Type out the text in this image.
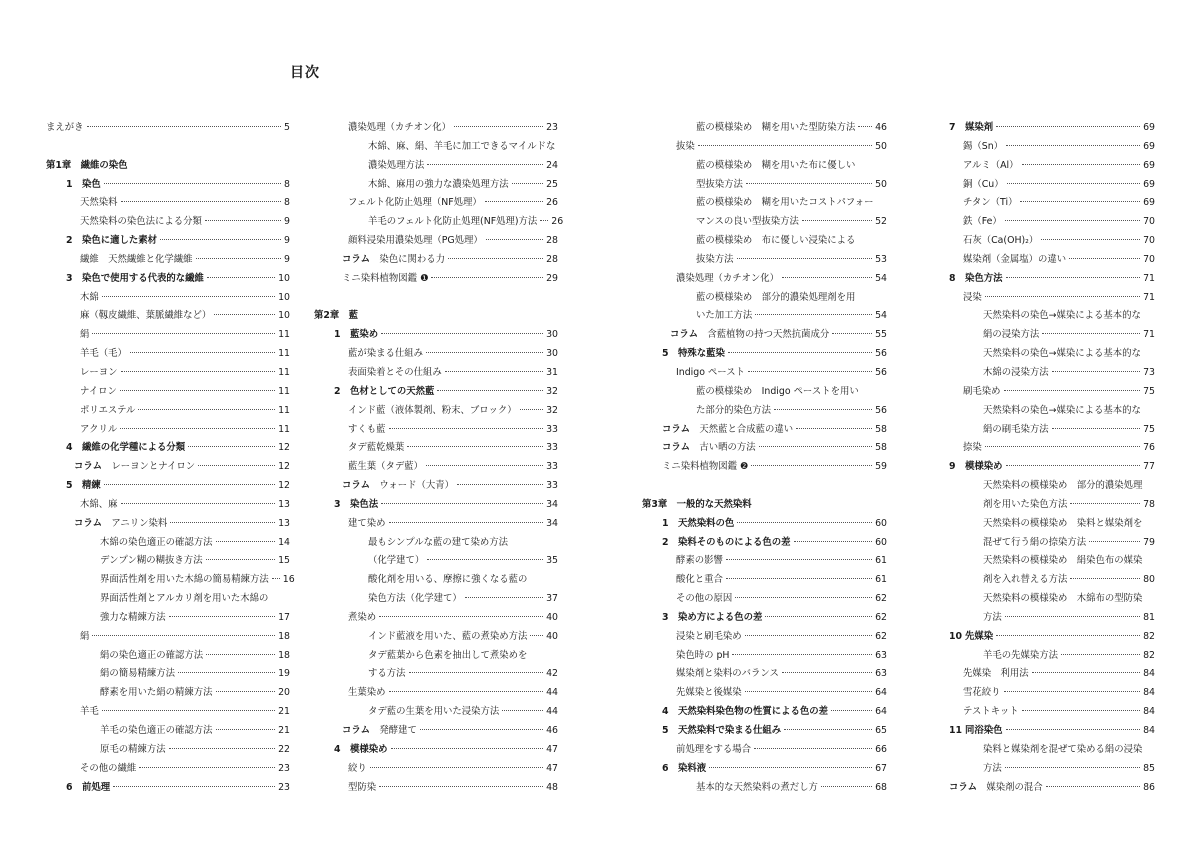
目次
まえがき	5
第1章　繊維の染色
1 染色	8
天然染料	8
天然染料の染色法による分類	9
2 染色に適した素材	9
繊維　天然繊維と化学繊維	9
3 染色で使用する代表的な繊維	10
木綿	10
麻（靱皮繊維、葉脈繊維など）	10
絹	11
羊毛（毛）	11
レーヨン	11
ナイロン	11
ポリエステル	11
アクリル	11
4 繊維の化学種による分類	12
コラム　レーヨンとナイロン	12
5 精練	12
木綿、麻	13
コラム　アニリン染料	13
木綿の染色適正の確認方法	14
デンプン糊の糊抜き方法	15
界面活性剤を用いた木綿の簡易精練方法 16
界面活性剤とアルカリ剤を用いた木綿の
強力な精練方法	17
絹	18
絹の染色適正の確認方法	18
絹の簡易精練方法	19
酵素を用いた絹の精練方法	20
羊毛	21
羊毛の染色適正の確認方法	21
原毛の精練方法	22
その他の繊維	23
6 前処理	23
濃染処理（カチオン化）	23
木綿、麻、絹、羊毛に加工できるマイルドな
濃染処理方法	24
木綿、麻用の強力な濃染処理方法	25
フェルト化防止処理（NF処理）	26
羊毛のフェルト化防止処理(NF処理)方法 26
顔料浸染用濃染処理（PG処理）	28
コラム　染色に関わる力	28
ミニ染料植物図鑑 ❶	29
第2章　藍
1 藍染め	30
藍が染まる仕組み	30
表面染着とその仕組み	31
2 色材としての天然藍	32
インド藍（液体製剤、粉末、ブロック）	32
すくも藍	33
タデ藍乾燥葉	33
藍生葉（タデ藍）	33
コラム　ウォード（大青）	33
3 染色法	34
建て染め	34
最もシンプルな藍の建て染め方法
（化学建て）	35
酸化剤を用いる、摩擦に強くなる藍の
染色方法（化学建て）	37
煮染め	40
インド藍液を用いた、藍の煮染め方法 40
タデ藍葉から色素を抽出して煮染めを
する方法	42
生葉染め	44
タデ藍の生葉を用いた浸染方法	44
コラム　発酵建て	46
4 模様染め	47
絞り	47
型防染	48
藍の模様染め　糊を用いた型防染方法 46
抜染	50
藍の模様染め　糊を用いた布に優しい
型抜染方法	50
藍の模様染め　糊を用いたコストパフォー
マンスの良い型抜染方法	52
藍の模様染め　布に優しい浸染による
抜染方法	53
濃染処理（カチオン化）	54
藍の模様染め　部分的濃染処理剤を用
いた加工方法	54
コラム　含藍植物の持つ天然抗菌成分	55
5 特殊な藍染	56
Indigo ペースト	56
藍の模様染め　Indigo ペーストを用い
た部分的染色方法	56
コラム　天然藍と合成藍の違い	58
コラム　古い晒の方法	58
ミニ染料植物図鑑 ❷	59
第3章　一般的な天然染料
1 天然染料の色	60
2 染料そのものによる色の差	60
酵素の影響	61
酸化と重合	61
その他の原因	62
3 染め方による色の差	62
浸染と刷毛染め	62
染色時の pH	63
媒染剤と染料のバランス	63
先媒染と後媒染	64
4 天然染料染色物の性質による色の差	64
5 天然染料で染まる仕組み	65
前処理をする場合	66
6 染料液	67
基本的な天然染料の煮だし方	68
7 媒染剤	69
錫（Sn）	69
アルミ（Al）	69
銅（Cu）	69
チタン（Ti）	69
鉄（Fe）	70
石灰（Ca(OH)₂）	70
媒染剤（金属塩）の違い	70
8 染色方法	71
浸染	71
天然染料の染色→媒染による基本的な
絹の浸染方法	71
天然染料の染色→媒染による基本的な
木綿の浸染方法	73
刷毛染め	75
天然染料の染色→媒染による基本的な
絹の刷毛染方法	75
捺染	76
9 模様染め	77
天然染料の模様染め　部分的濃染処理
剤を用いた染色方法	78
天然染料の模様染め　染料と媒染剤を
混ぜて行う絹の捺染方法	79
天然染料の模様染め　絹染色布の媒染
剤を入れ替える方法	80
天然染料の模様染め　木綿布の型防染
方法	81
10 先媒染	82
羊毛の先媒染方法	82
先媒染　利用法	84
雪花絞り	84
テストキット	84
11 同浴染色	84
染料と媒染剤を混ぜて染める絹の浸染
方法	85
コラム　媒染剤の混合	86
